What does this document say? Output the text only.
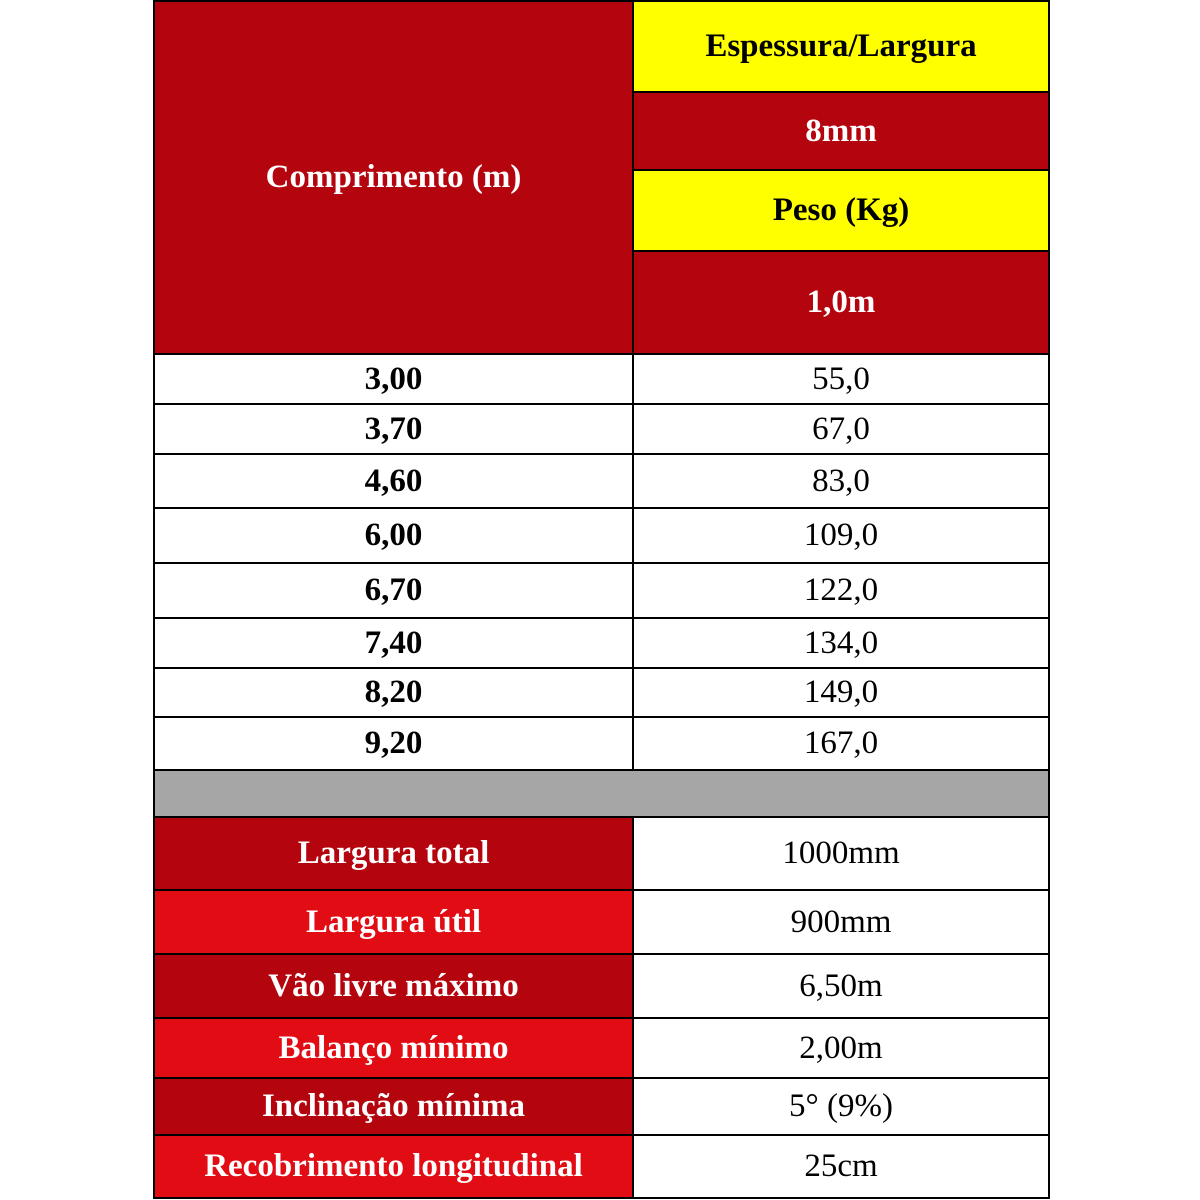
Comprimento (m)
Espessura/Largura
8mm
Peso (Kg)
1,0m
3,00	55,0
3,70	67,0
4,60	83,0
6,00	109,0
6,70	122,0
7,40	134,0
8,20	149,0
9,20	167,0
Largura total	1000mm
Largura útil	900mm
Vão livre máximo	6,50m
Balanço mínimo	2,00m
Inclinação mínima	5° (9%)
Recobrimento longitudinal	25cm
